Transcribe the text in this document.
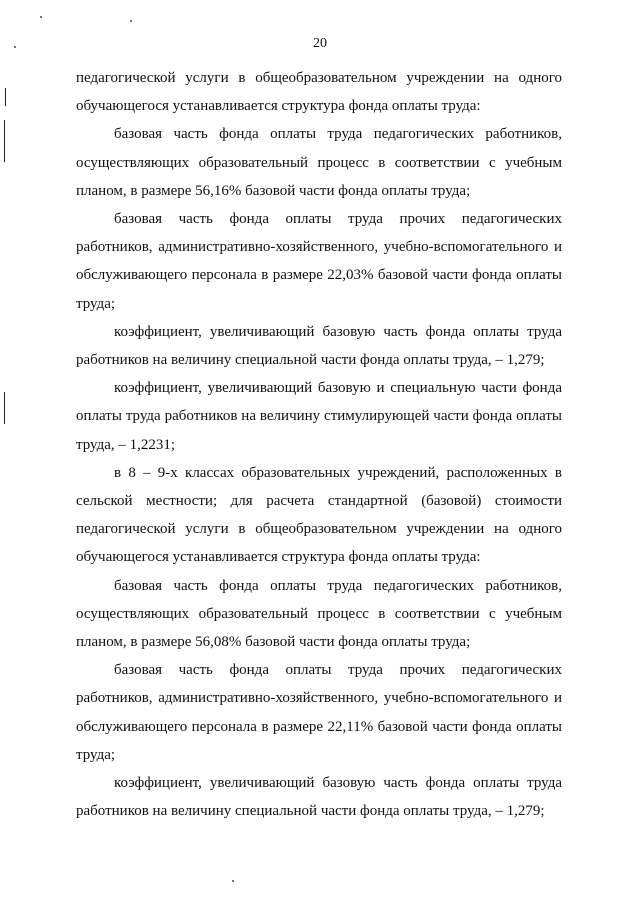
20

педагогической услуги в общеобразовательном учреждении на одного обучающегося устанавливается структура фонда оплаты труда:

базовая часть фонда оплаты труда педагогических работников, осуществляющих образовательный процесс в соответствии с учебным планом, в размере 56,16% базовой части фонда оплаты труда;

базовая часть фонда оплаты труда прочих педагогических работников, административно-хозяйственного, учебно-вспомогательного и обслуживающего персонала в размере 22,03% базовой части фонда оплаты труда;

коэффициент, увеличивающий базовую часть фонда оплаты труда работников на величину специальной части фонда оплаты труда, – 1,279;

коэффициент, увеличивающий базовую и специальную части фонда оплаты труда работников на величину стимулирующей части фонда оплаты труда, – 1,2231;

в 8 – 9-х классах образовательных учреждений, расположенных в сельской местности; для расчета стандартной (базовой) стоимости педагогической услуги в общеобразовательном учреждении на одного обучающегося устанавливается структура фонда оплаты труда:

базовая часть фонда оплаты труда педагогических работников, осуществляющих образовательный процесс в соответствии с учебным планом, в размере 56,08% базовой части фонда оплаты труда;

базовая часть фонда оплаты труда прочих педагогических работников, административно-хозяйственного, учебно-вспомогательного и обслуживающего персонала в размере 22,11% базовой части фонда оплаты труда;

коэффициент, увеличивающий базовую часть фонда оплаты труда работников на величину специальной части фонда оплаты труда, – 1,279;
